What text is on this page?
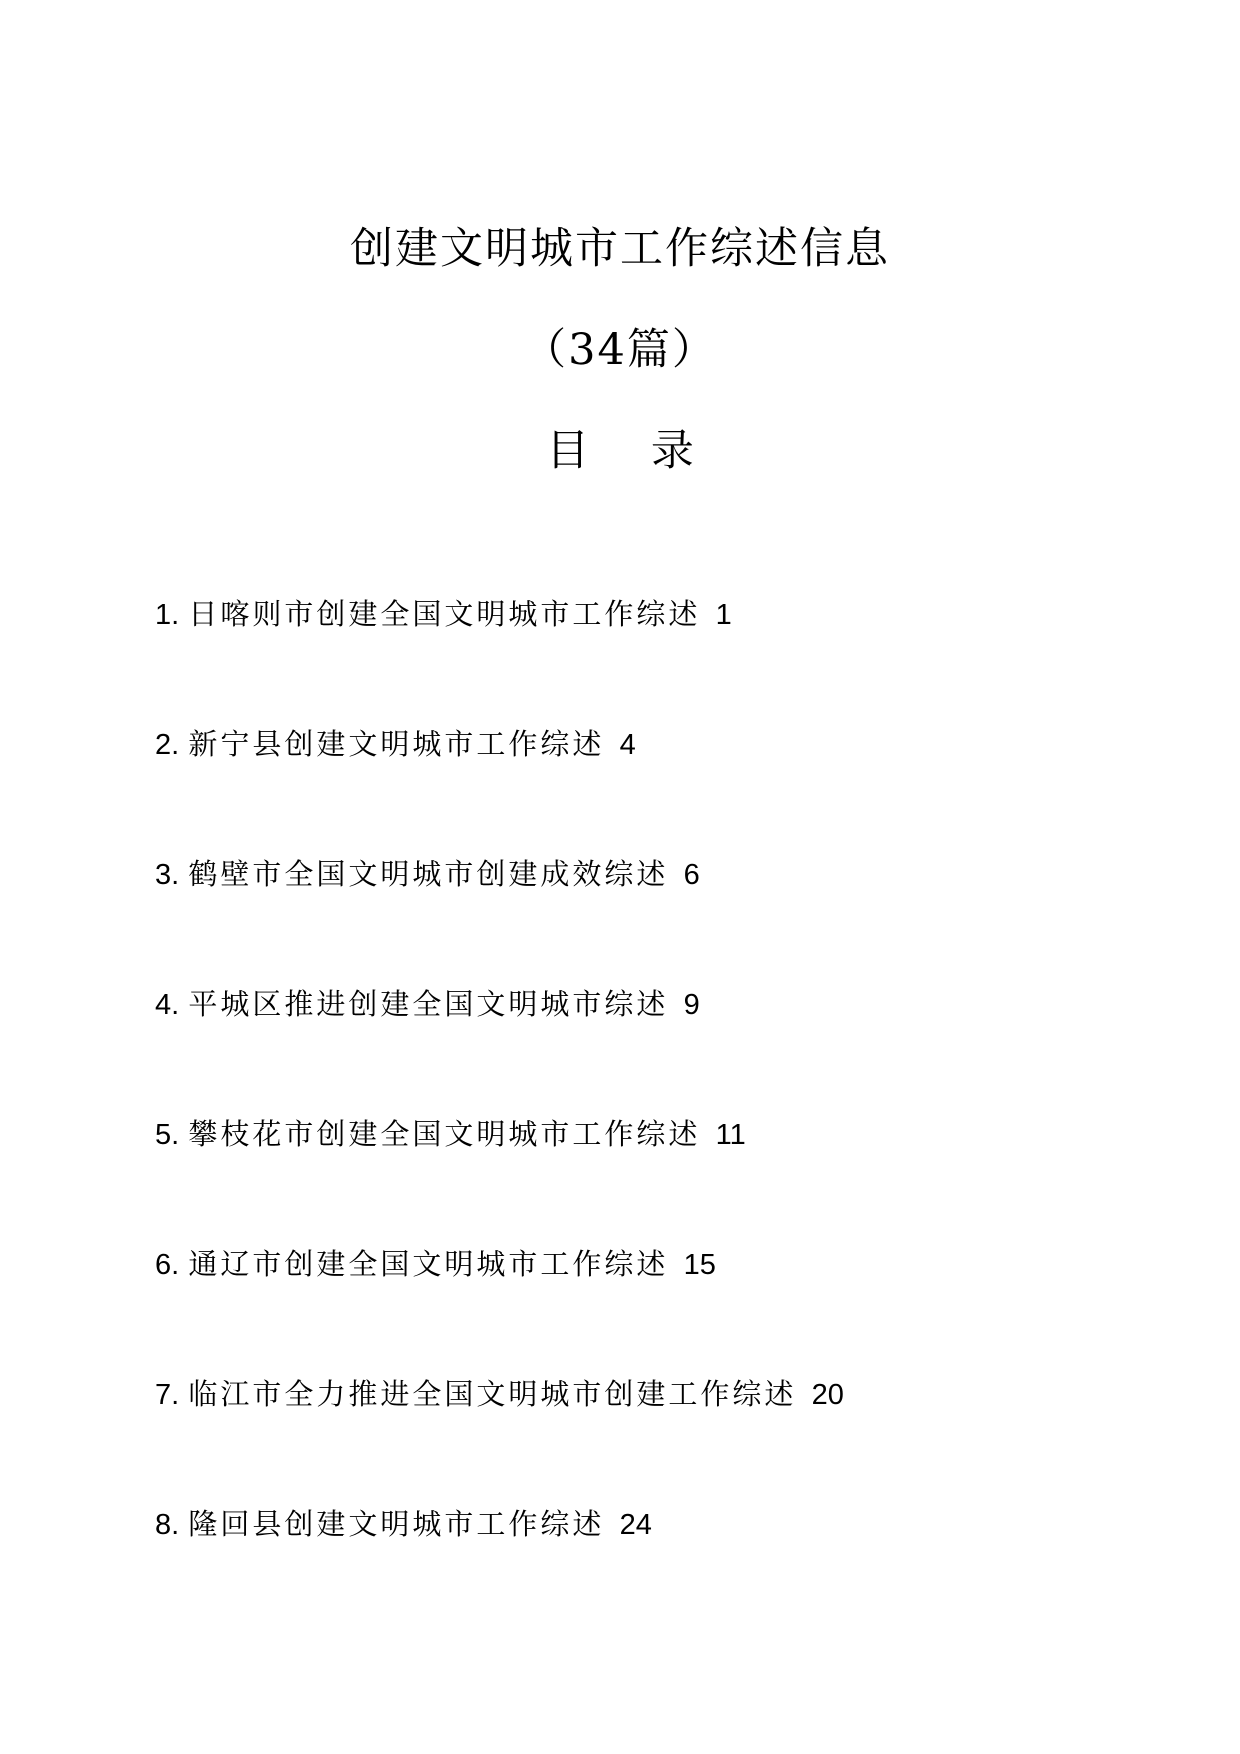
创建文明城市工作综述信息
（34篇）
目 录
1. 日喀则市创建全国文明城市工作综述 1
2. 新宁县创建文明城市工作综述 4
3. 鹤壁市全国文明城市创建成效综述 6
4. 平城区推进创建全国文明城市综述 9
5. 攀枝花市创建全国文明城市工作综述 11
6. 通辽市创建全国文明城市工作综述 15
7. 临江市全力推进全国文明城市创建工作综述 20
8. 隆回县创建文明城市工作综述 24
